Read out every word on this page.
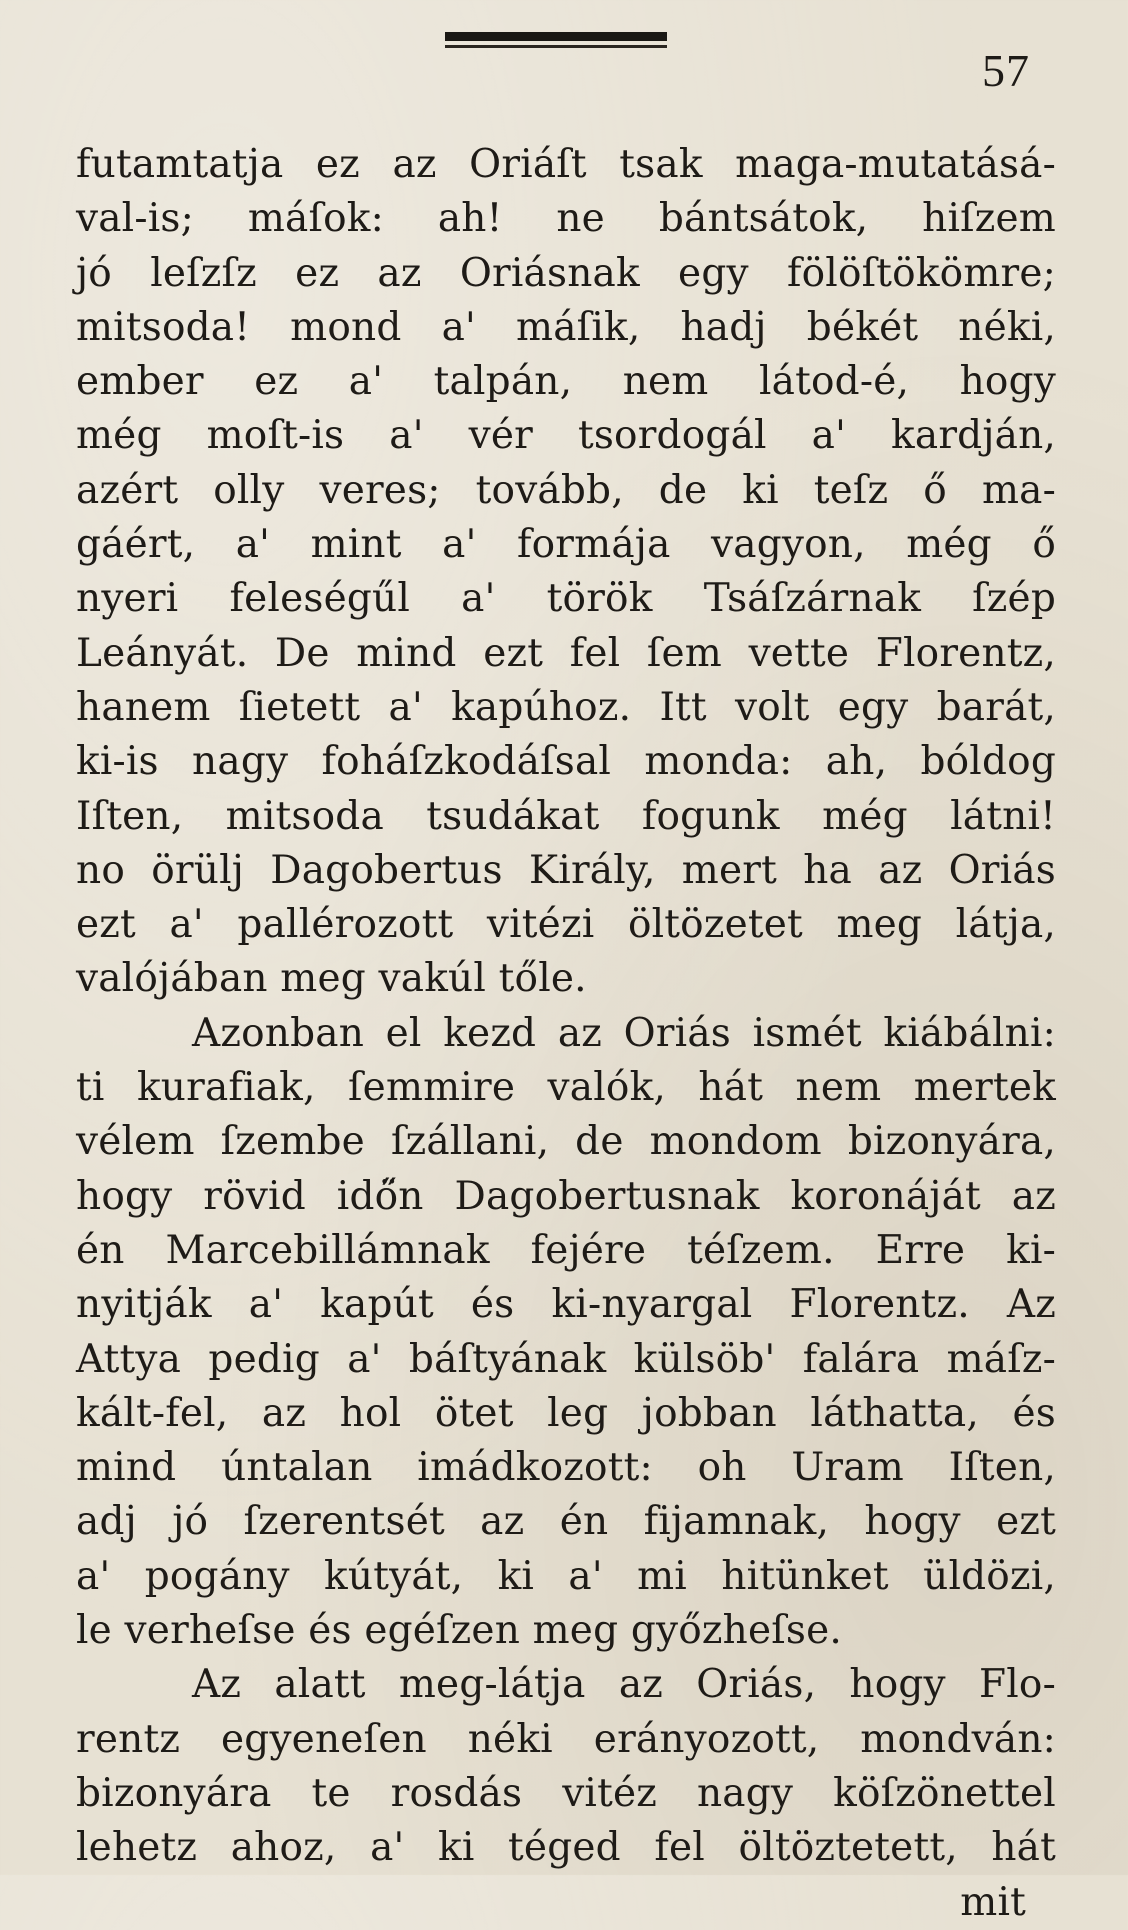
57
futamtatja ez az Oriáſt tsak maga-mutatásá-
val-is; máſok: ah! ne bántsátok, hiſzem
jó leſzſz ez az Oriásnak egy fölöſtökömre;
mitsoda! mond a' máſik, hadj békét néki,
ember ez a' talpán, nem látod-é, hogy
még moſt-is a' vér tsordogál a' kardján,
azért olly veres; tovább, de ki teſz ő ma-
gáért, a' mint a' formája vagyon, még ő
nyeri feleségűl a' török Tsáſzárnak ſzép
Leányát. De mind ezt fel ſem vette Florentz,
hanem ſietett a' kapúhoz. Itt volt egy barát,
ki-is nagy foháſzkodáſsal monda: ah, bóldog
Iſten, mitsoda tsudákat fogunk még látni!
no örülj Dagobertus Király, mert ha az Oriás
ezt a' pallérozott vitézi öltözetet meg látja,
valójában meg vakúl tőle.
Azonban el kezd az Oriás ismét kiábálni:
ti kurafiak, ſemmire valók, hát nem mertek
vélem ſzembe ſzállani, de mondom bizonyára,
hogy rövid idő̈n Dagobertusnak koronáját az
én Marcebillámnak fejére téſzem. Erre ki-
nyitják a' kapút és ki-nyargal Florentz. Az
Attya pedig a' báſtyának külsöb' falára máſz-
kált-fel, az hol ötet leg jobban láthatta, és
mind úntalan imádkozott: oh Uram Iſten,
adj jó ſzerentsét az én fijamnak, hogy ezt
a' pogány kútyát, ki a' mi hitünket üldözi,
le verheſse és egéſzen meg győzheſse.
Az alatt meg-látja az Oriás, hogy Flo-
rentz egyeneſen néki erányozott, mondván:
bizonyára te rosdás vitéz nagy köſzönettel
lehetz ahoz, a' ki téged fel öltöztetett, hát
mit
